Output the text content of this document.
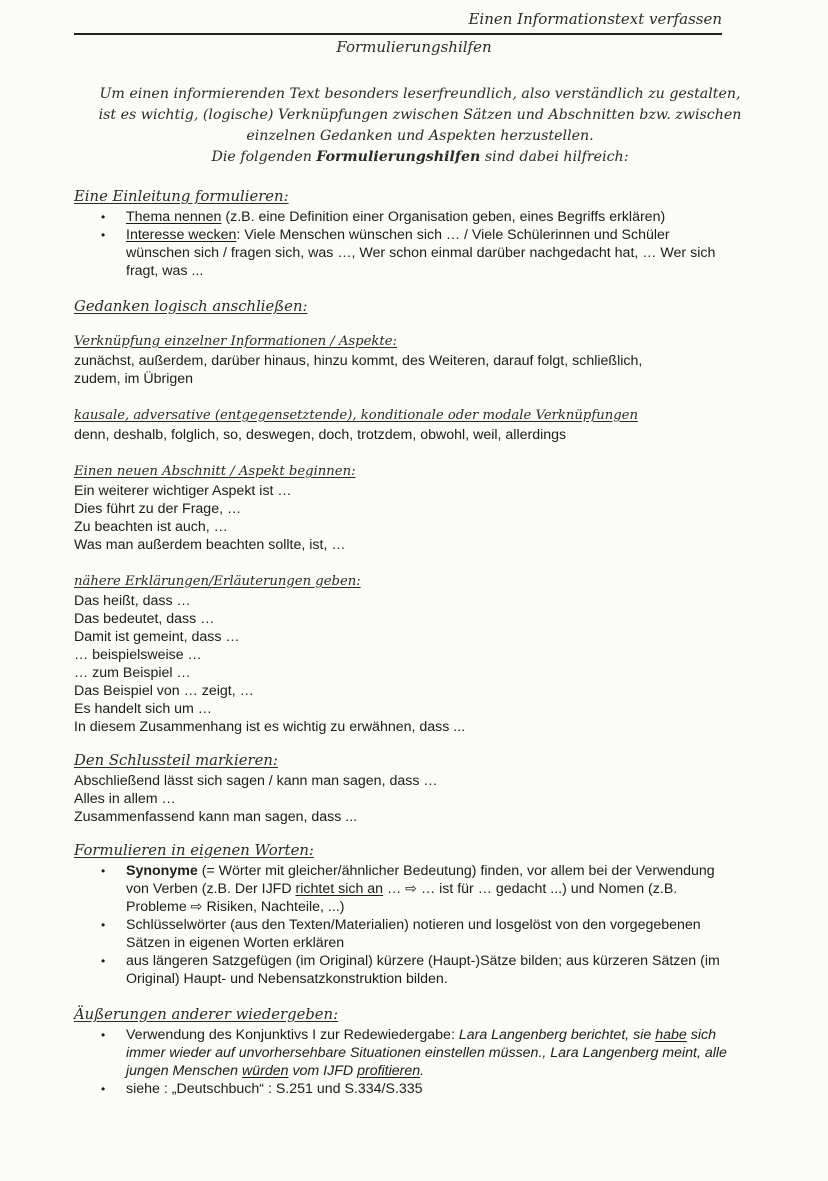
Einen Informationstext verfassen
Formulierungshilfen

Um einen informierenden Text besonders leserfreundlich, also verständlich zu gestalten,

ist es wichtig, (logische) Verknüpfungen zwischen Sätzen und Abschnitten bzw. zwischen

einzelnen Gedanken und Aspekten herzustellen.

Die folgenden Formulierungshilfen sind dabei hilfreich:

Eine Einleitung formulieren:
• Thema nennen (z.B. eine Definition einer Organisation geben, eines Begriffs erklären)
• Interesse wecken: Viele Menschen wünschen sich … / Viele Schülerinnen und Schüler wünschen sich / fragen sich, was …, Wer schon einmal darüber nachgedacht hat, … Wer sich fragt, was ...
Gedanken logisch anschließen:
Verknüpfung einzelner Informationen / Aspekte:
zunächst, außerdem, darüber hinaus, hinzu kommt, des Weiteren, darauf folgt, schließlich,
zudem, im Übrigen
kausale, adversative (entgegensetztende), konditionale oder modale Verknüpfungen
denn, deshalb, folglich, so, deswegen, doch, trotzdem, obwohl, weil, allerdings
Einen neuen Abschnitt / Aspekt beginnen:
Ein weiterer wichtiger Aspekt ist …
Dies führt zu der Frage, …
Zu beachten ist auch, …
Was man außerdem beachten sollte, ist, …
nähere Erklärungen/Erläuterungen geben:
Das heißt, dass …
Das bedeutet, dass …
Damit ist gemeint, dass …
… beispielsweise …
… zum Beispiel …
Das Beispiel von … zeigt, …
Es handelt sich um …
In diesem Zusammenhang ist es wichtig zu erwähnen, dass ...
Den Schlussteil markieren:
Abschließend lässt sich sagen / kann man sagen, dass …
Alles in allem …
Zusammenfassend kann man sagen, dass ...
Formulieren in eigenen Worten:
• Synonyme (= Wörter mit gleicher/ähnlicher Bedeutung) finden, vor allem bei der Verwendung von Verben (z.B. Der IJFD richtet sich an … ⇨ … ist für … gedacht ...) und Nomen (z.B. Probleme ⇨ Risiken, Nachteile, ...)
• Schlüsselwörter (aus den Texten/Materialien) notieren und losgelöst von den vorgegebenen Sätzen in eigenen Worten erklären
• aus längeren Satzgefügen (im Original) kürzere (Haupt-)Sätze bilden; aus kürzeren Sätzen (im Original) Haupt- und Nebensatzkonstruktion bilden.
Äußerungen anderer wiedergeben:
• Verwendung des Konjunktivs I zur Redewiedergabe: Lara Langenberg berichtet, sie habe sich immer wieder auf unvorhersehbare Situationen einstellen müssen., Lara Langenberg meint, alle jungen Menschen würden vom IJFD profitieren.
• siehe : „Deutschbuch“ : S.251 und S.334/S.335
